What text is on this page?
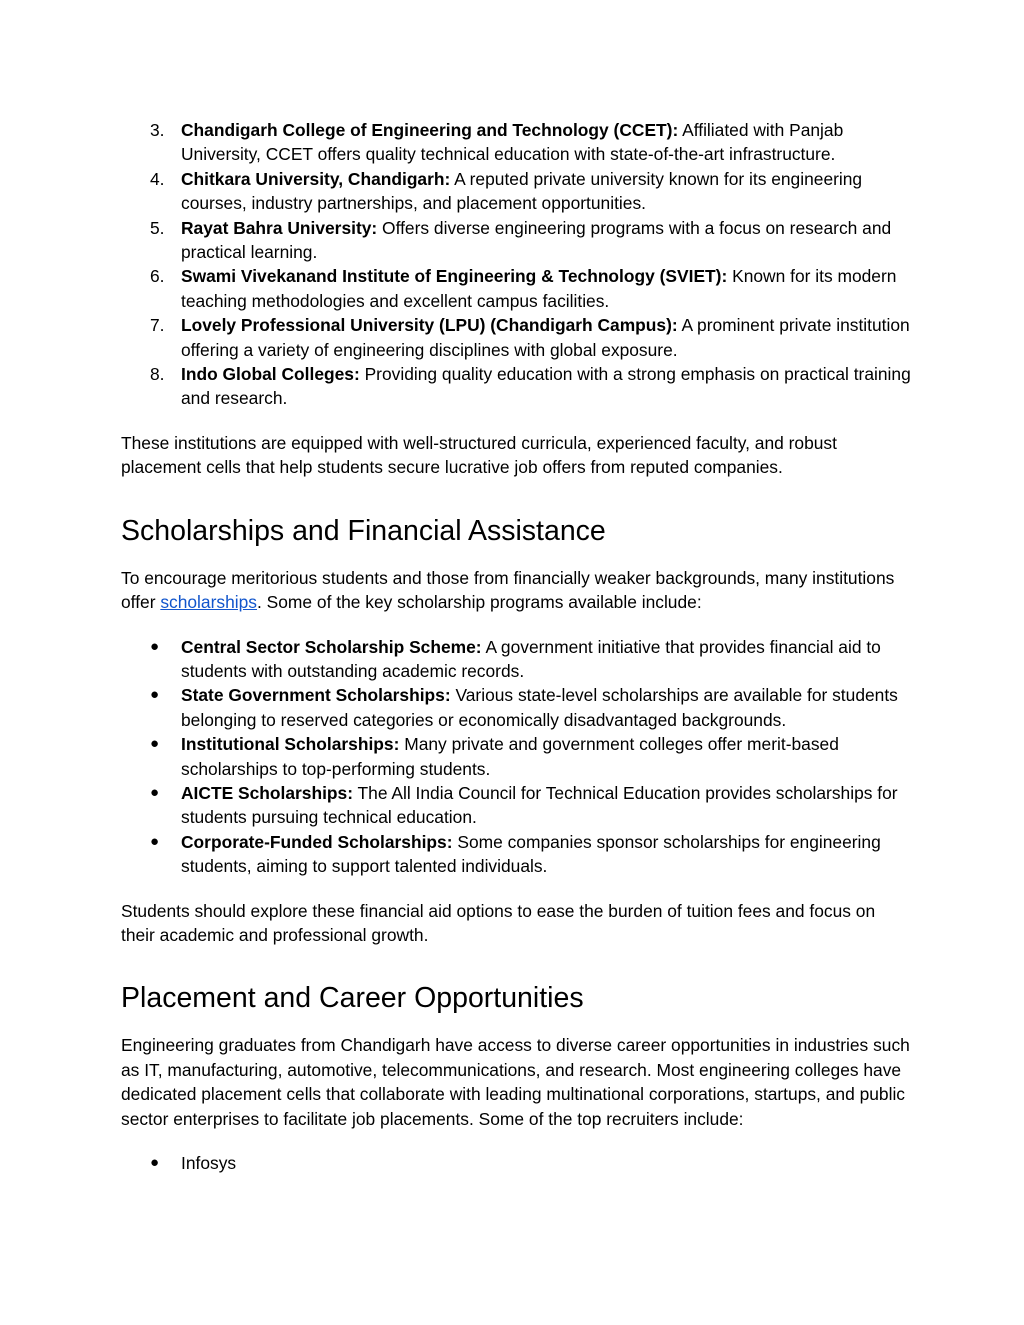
3. Chandigarh College of Engineering and Technology (CCET): Affiliated with Panjab University, CCET offers quality technical education with state-of-the-art infrastructure.
4. Chitkara University, Chandigarh: A reputed private university known for its engineering courses, industry partnerships, and placement opportunities.
5. Rayat Bahra University: Offers diverse engineering programs with a focus on research and practical learning.
6. Swami Vivekanand Institute of Engineering & Technology (SVIET): Known for its modern teaching methodologies and excellent campus facilities.
7. Lovely Professional University (LPU) (Chandigarh Campus): A prominent private institution offering a variety of engineering disciplines with global exposure.
8. Indo Global Colleges: Providing quality education with a strong emphasis on practical training and research.

These institutions are equipped with well-structured curricula, experienced faculty, and robust placement cells that help students secure lucrative job offers from reputed companies.

Scholarships and Financial Assistance

To encourage meritorious students and those from financially weaker backgrounds, many institutions offer scholarships. Some of the key scholarship programs available include:

● Central Sector Scholarship Scheme: A government initiative that provides financial aid to students with outstanding academic records.
● State Government Scholarships: Various state-level scholarships are available for students belonging to reserved categories or economically disadvantaged backgrounds.
● Institutional Scholarships: Many private and government colleges offer merit-based scholarships to top-performing students.
● AICTE Scholarships: The All India Council for Technical Education provides scholarships for students pursuing technical education.
● Corporate-Funded Scholarships: Some companies sponsor scholarships for engineering students, aiming to support talented individuals.

Students should explore these financial aid options to ease the burden of tuition fees and focus on their academic and professional growth.

Placement and Career Opportunities

Engineering graduates from Chandigarh have access to diverse career opportunities in industries such as IT, manufacturing, automotive, telecommunications, and research. Most engineering colleges have dedicated placement cells that collaborate with leading multinational corporations, startups, and public sector enterprises to facilitate job placements. Some of the top recruiters include:

● Infosys
